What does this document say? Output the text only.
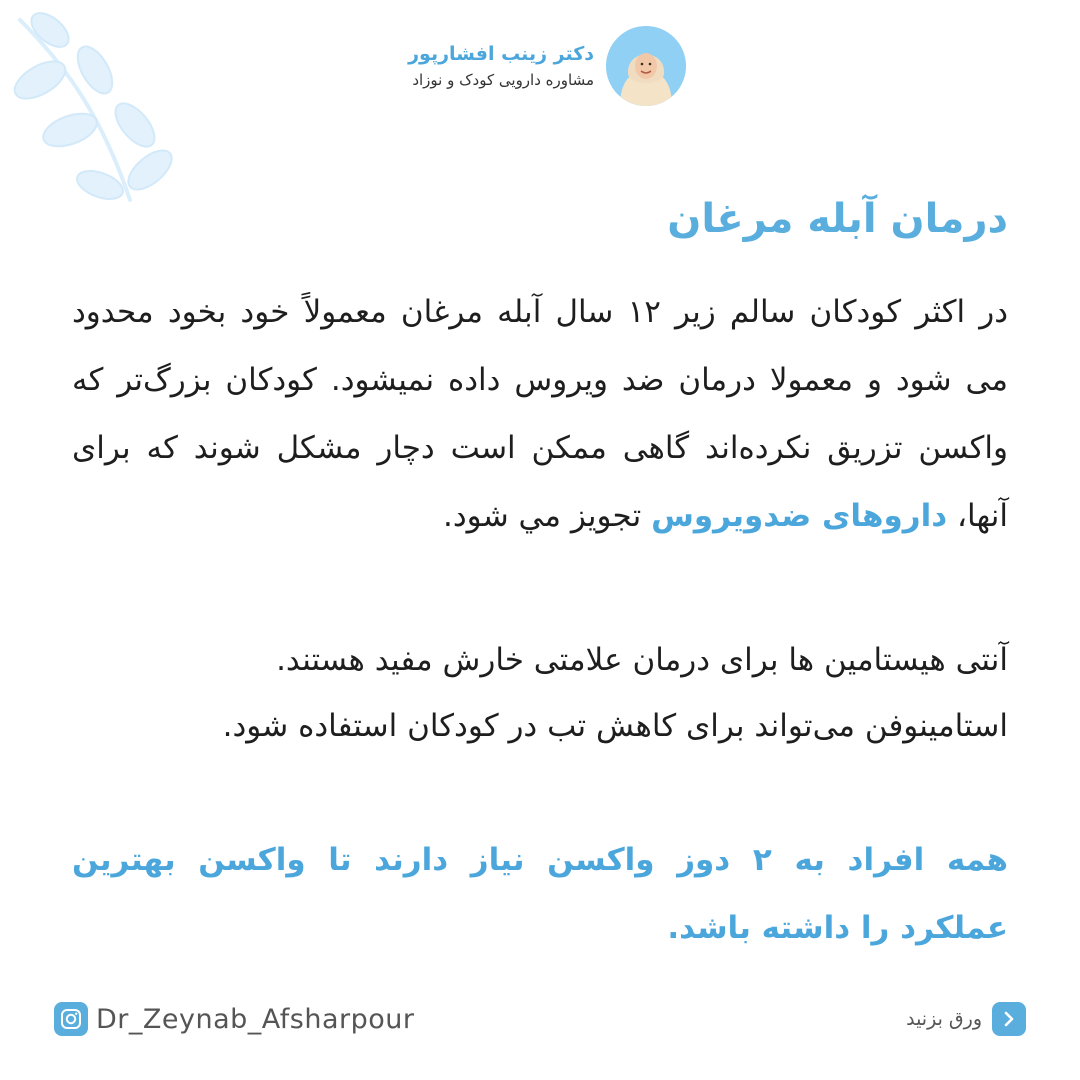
دکتر زینب افشارپور
مشاوره دارویی کودک و نوزاد
درمان آبله مرغان
در اکثر کودکان سالم زیر ۱۲ سال آبله مرغان معمولاً خود بخود محدود می شود و معمولا درمان ضد ویروس داده نمیشود. کودکان بزرگ‌تر که واکسن تزریق نکرده‌اند گاهی ممکن است دچار مشکل شوند که برای آنها، داروهای ضدویروس تجویز مي شود.
آنتی هیستامین ها برای درمان علامتی خارش مفید هستند.
استامینوفن می‌تواند برای کاهش تب در کودکان استفاده شود.
همه افراد به ۲ دوز واکسن نیاز دارند تا واکسن بهترین عملکرد را داشته باشد.
Dr_Zeynab_Afsharpour	ورق بزنید
